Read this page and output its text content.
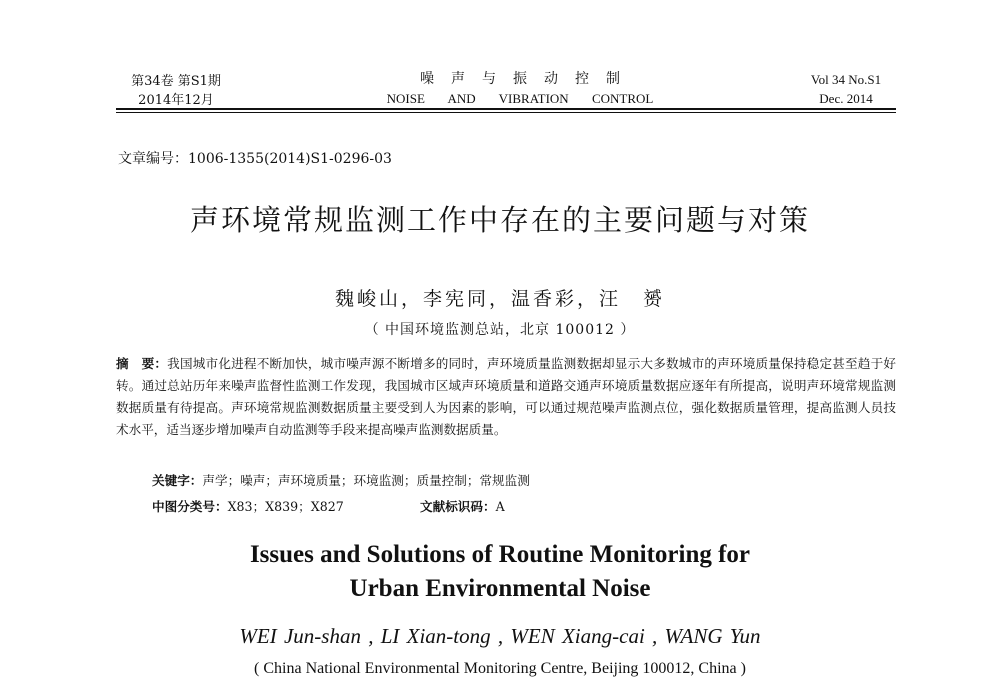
第34卷 第S1期
2014年12月
噪声与振动控制
NOISE AND VIBRATION CONTROL
Vol 34 No.S1
Dec. 2014
文章编号：1006-1355(2014)S1-0296-03
声环境常规监测工作中存在的主要问题与对策
魏峻山，李宪同，温香彩，汪　赟
（ 中国环境监测总站，北京 100012 ）
摘　要：我国城市化进程不断加快，城市噪声源不断增多的同时，声环境质量监测数据却显示大多数城市的声环境质量保持稳定甚至趋于好转。通过总站历年来噪声监督性监测工作发现，我国城市区域声环境质量和道路交通声环境质量数据应逐年有所提高，说明声环境常规监测数据质量有待提高。声环境常规监测数据质量主要受到人为因素的影响，可以通过规范噪声监测点位，强化数据质量管理，提高监测人员技术水平，适当逐步增加噪声自动监测等手段来提高噪声监测数据质量。
关键字：声学；噪声；声环境质量；环境监测；质量控制；常规监测
中图分类号：X83；X839；X827	文献标识码：A
Issues and Solutions of Routine Monitoring for
Urban Environmental Noise
WEI Jun-shan , LI Xian-tong , WEN Xiang-cai , WANG Yun
( China National Environmental Monitoring Centre, Beijing 100012, China )
